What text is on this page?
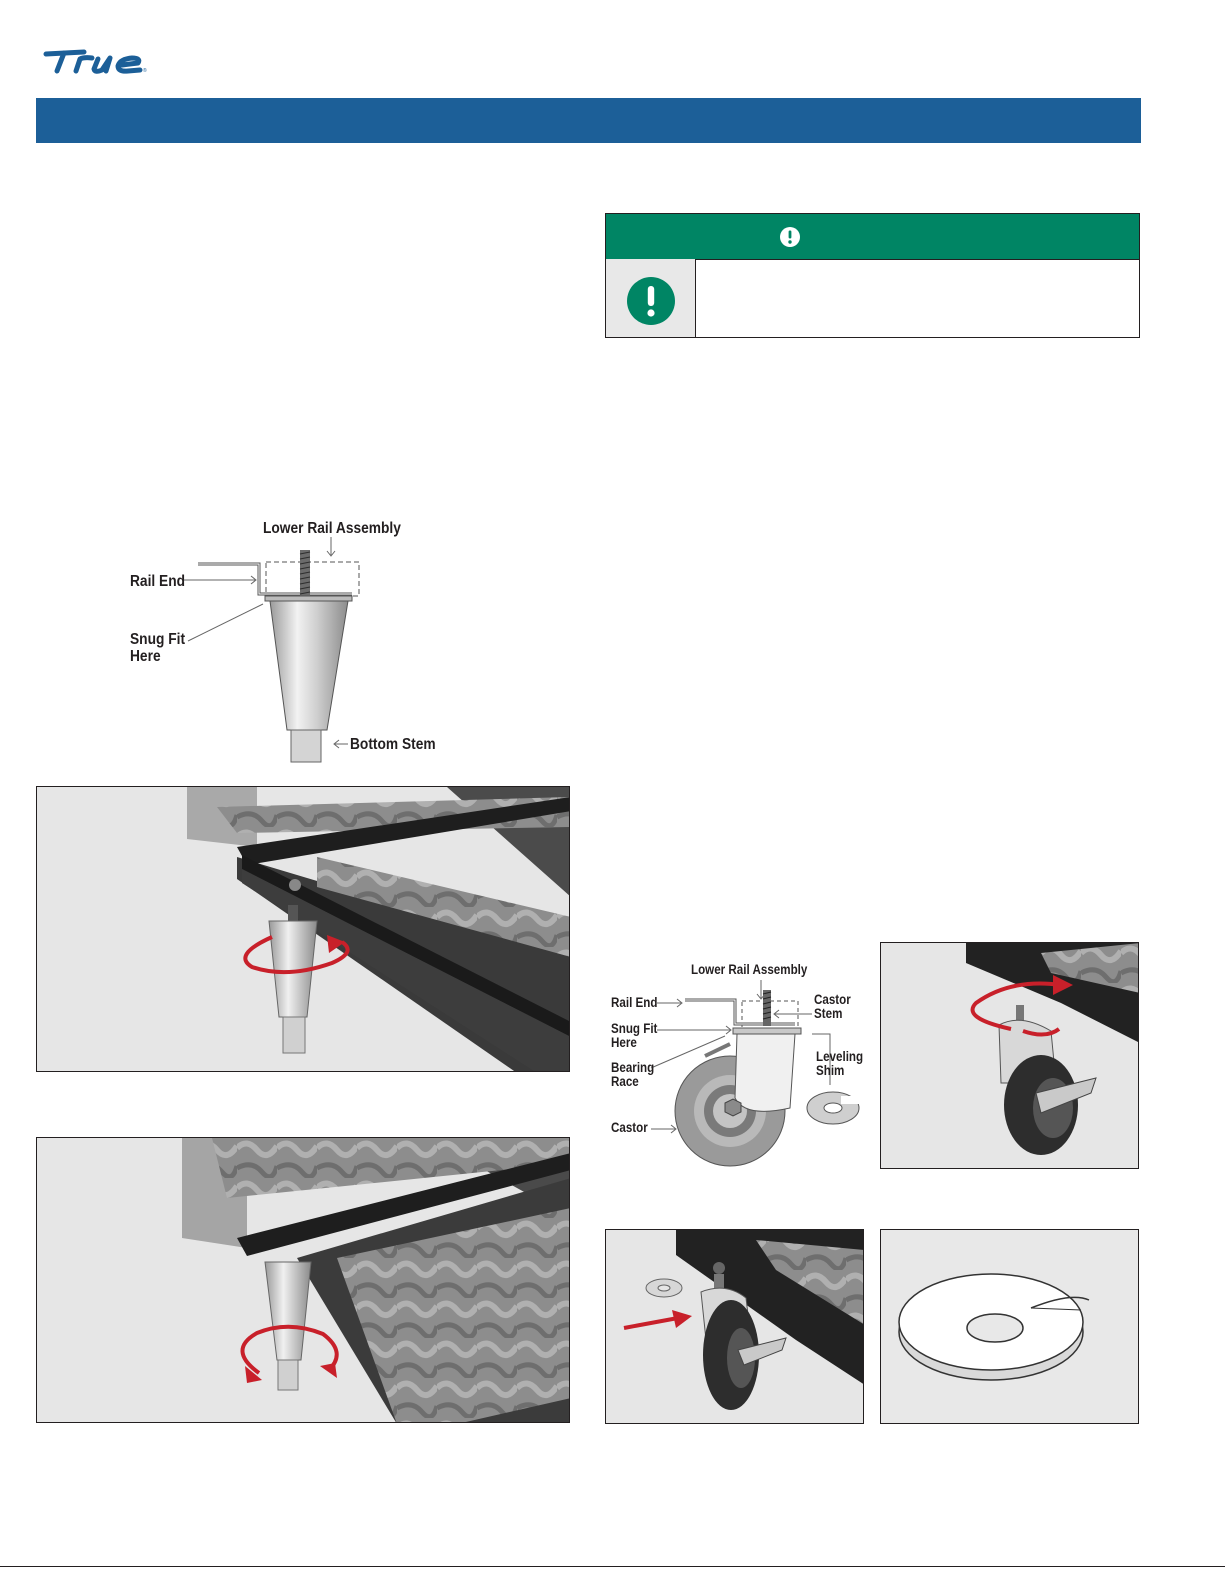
®
Lower Rail Assembly
Rail End
Snug Fit
Here
Bottom Stem
Lower Rail Assembly
Rail End	Castor
Stem
Snug Fit
Here
Leveling
Shim
Bearing
Race
Castor
